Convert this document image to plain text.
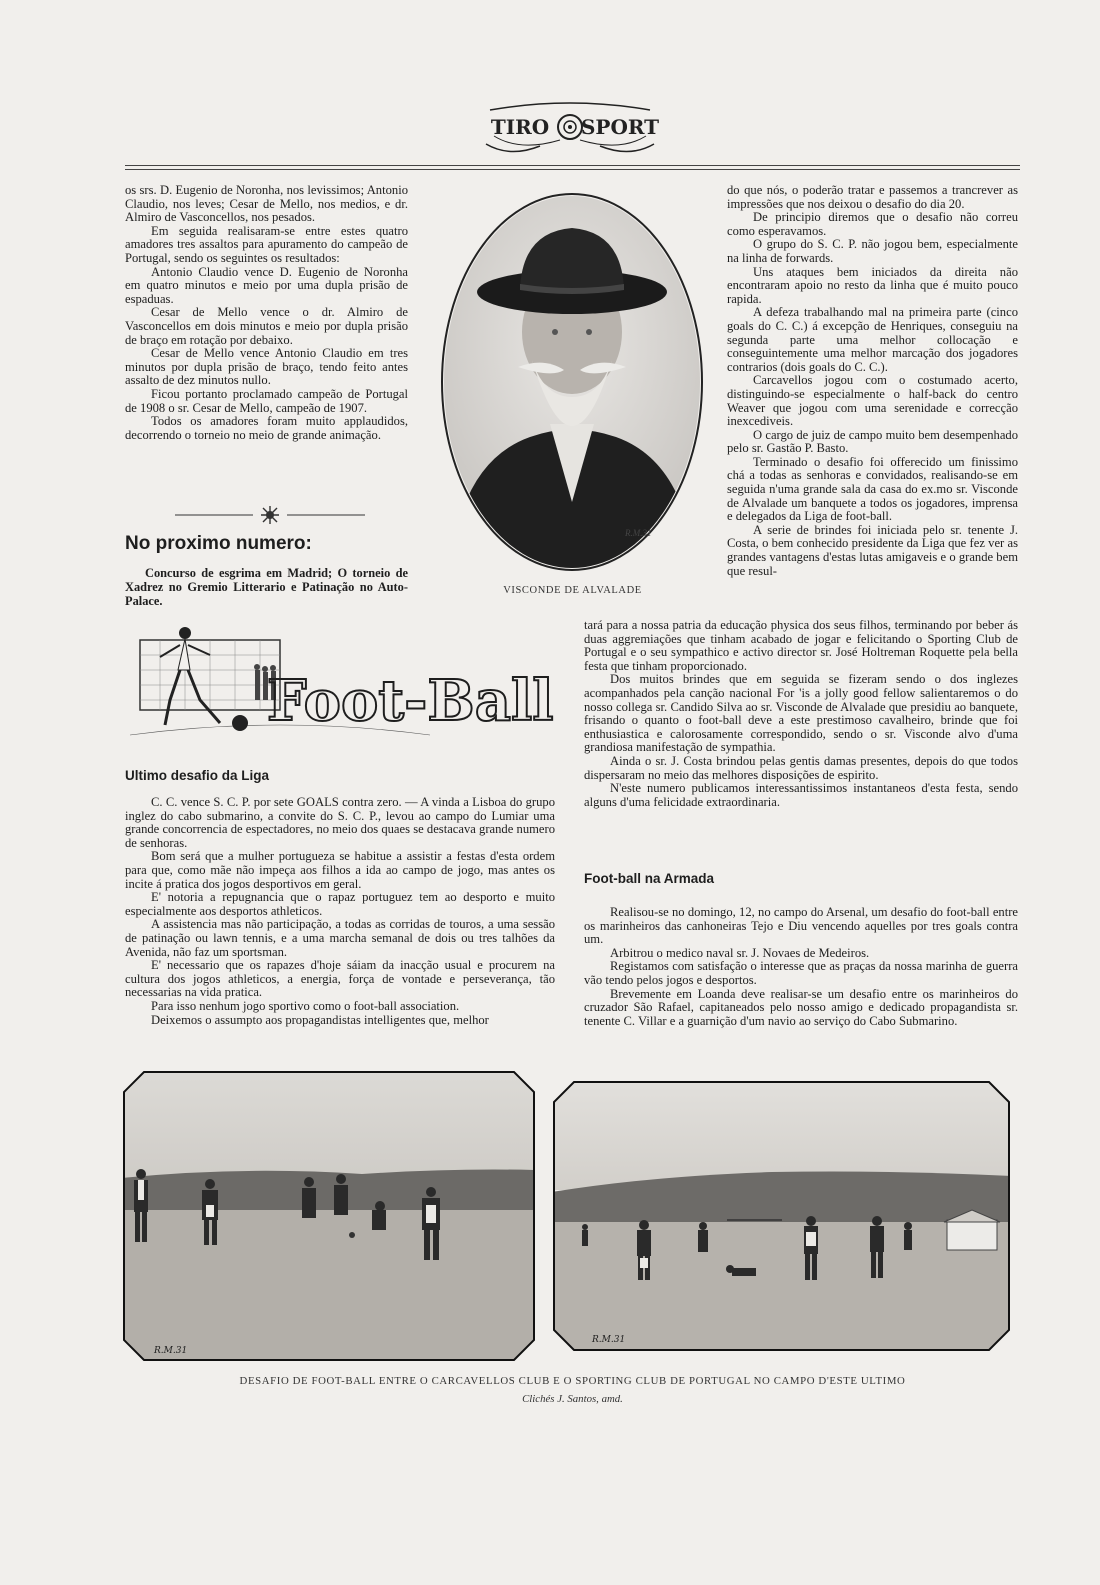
TIRO SPORT

os srs. D. Eugenio de Noronha, nos levissimos; Antonio Claudio, nos leves; Cesar de Mello, nos medios, e dr. Almiro de Vasconcellos, nos pesados.

Em seguida realisaram-se entre estes quatro amadores tres assaltos para apuramento do campeão de Portugal, sendo os seguintes os resultados:

Antonio Claudio vence D. Eugenio de Noronha em quatro minutos e meio por uma dupla prisão de espaduas.

Cesar de Mello vence o dr. Almiro de Vasconcellos em dois minutos e meio por dupla prisão de braço em rotação por debaixo.

Cesar de Mello vence Antonio Claudio em tres minutos por dupla prisão de braço, tendo feito antes assalto de dez minutos nullo.

Ficou portanto proclamado campeão de Portugal de 1908 o sr. Cesar de Mello, campeão de 1907.

Todos os amadores foram muito applaudidos, decorrendo o torneio no meio de grande animação.

No proximo numero:
Concurso de esgrima em Madrid; O torneio de Xadrez no Gremio Litterario e Patinação no Auto-Palace.
R.M.31
VISCONDE DE ALVALADE

do que nós, o poderão tratar e passemos a trancrever as impressões que nos deixou o desafio do dia 20.

De principio diremos que o desafio não correu como esperavamos.

O grupo do S. C. P. não jogou bem, especialmente na linha de forwards.

Uns ataques bem iniciados da direita não encontraram apoio no resto da linha que é muito pouco rapida.

A defeza trabalhando mal na primeira parte (cinco goals do C. C.) á excepção de Henriques, conseguiu na segunda parte uma melhor collocação e conseguintemente uma melhor marcação dos jogadores contrarios (dois goals do C. C.).

Carcavellos jogou com o costumado acerto, distinguindo-se especialmente o half-back do centro Weaver que jogou com uma serenidade e correcção inexcediveis.

O cargo de juiz de campo muito bem desempenhado pelo sr. Gastão P. Basto.

Terminado o desafio foi offerecido um finissimo chá a todas as senhoras e convidados, realisando-se em seguida n'uma grande sala da casa do ex.mo sr. Visconde de Alvalade um banquete a todos os jogadores, imprensa e delegados da Liga de foot-ball.

A serie de brindes foi iniciada pelo sr. tenente J. Costa, o bem conhecido presidente da Liga que fez ver as grandes vantagens d'estas lutas amigaveis e o grande bem que resul-

tará para a nossa patria da educação physica dos seus filhos, terminando por beber ás duas aggremiações que tinham acabado de jogar e felicitando o Sporting Club de Portugal e o seu sympathico e activo director sr. José Holtreman Roquette pela bella festa que tinham proporcionado.

Dos muitos brindes que em seguida se fizeram sendo o dos inglezes acompanhados pela canção nacional For 'is a jolly good fellow salientaremos o do nosso collega sr. Candido Silva ao sr. Visconde de Alvalade que presidiu ao banquete, frisando o quanto o foot-ball deve a este prestimoso cavalheiro, brinde que foi enthusiastica e calorosamente correspondido, sendo o sr. Visconde alvo d'uma grandiosa manifestação de sympathia.

Ainda o sr. J. Costa brindou pelas gentis damas presentes, depois do que todos dispersaram no meio das melhores disposições de espirito.

N'este numero publicamos interessantissimos instantaneos d'esta festa, sendo alguns d'uma felicidade extraordinaria.

Foot-ball na Armada

Realisou-se no domingo, 12, no campo do Arsenal, um desafio do foot-ball entre os marinheiros das canhoneiras Tejo e Diu vencendo aquelles por tres goals contra um.

Arbitrou o medico naval sr. J. Novaes de Medeiros.

Registamos com satisfação o interesse que as praças da nossa marinha de guerra vão tendo pelos jogos e desportos.

Brevemente em Loanda deve realisar-se um desafio entre os marinheiros do cruzador São Rafael, capitaneados pelo nosso amigo e dedicado propagandista sr. tenente C. Villar e a guarnição d'um navio ao serviço do Cabo Submarino.

Foot-Ball.
Ultimo desafio da Liga

C. C. vence S. C. P. por sete GOALS contra zero. — A vinda a Lisboa do grupo inglez do cabo submarino, a convite do S. C. P., levou ao campo do Lumiar uma grande concorrencia de espectadores, no meio dos quaes se destacava grande numero de senhoras.

Bom será que a mulher portugueza se habitue a assistir a festas d'esta ordem para que, como mãe não impeça aos filhos a ida ao campo de jogo, mas antes os incite á pratica dos jogos desportivos em geral.

E' notoria a repugnancia que o rapaz portuguez tem ao desporto e muito especialmente aos desportos athleticos.

A assistencia mas não participação, a todas as corridas de touros, a uma sessão de patinação ou lawn tennis, e a uma marcha semanal de dois ou tres talhões da Avenida, não faz um sportsman.

E' necessario que os rapazes d'hoje sáiam da inacção usual e procurem na cultura dos jogos athleticos, a energia, força de vontade e perseverança, tão necessarias na vida pratica.

Para isso nenhum jogo sportivo como o foot-ball association.

Deixemos o assumpto aos propagandistas intelligentes que, melhor

R.M.31
R.M.31
DESAFIO DE FOOT-BALL ENTRE O CARCAVELLOS CLUB E O SPORTING CLUB DE PORTUGAL NO CAMPO D'ESTE ULTIMO
Clichés J. Santos, amd.
